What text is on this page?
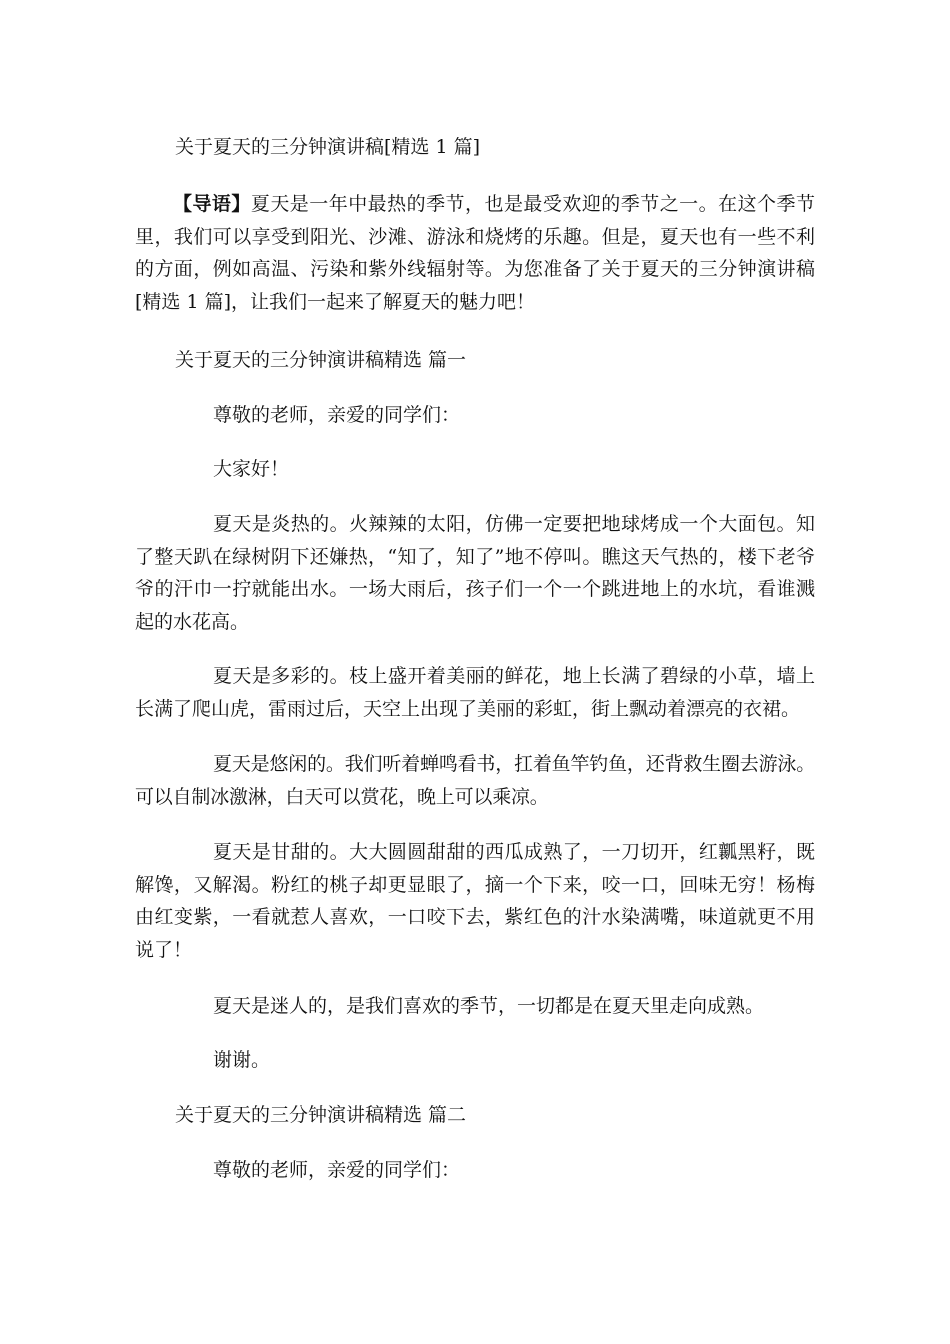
关于夏天的三分钟演讲稿[精选 1 篇]
【导语】夏天是一年中最热的季节，也是最受欢迎的季节之一。在这个季节里，我们可以享受到阳光、沙滩、游泳和烧烤的乐趣。但是，夏天也有一些不利的方面，例如高温、污染和紫外线辐射等。为您准备了关于夏天的三分钟演讲稿[精选 1 篇]，让我们一起来了解夏天的魅力吧！
关于夏天的三分钟演讲稿精选 篇一
尊敬的老师，亲爱的同学们：
大家好！
夏天是炎热的。火辣辣的太阳，仿佛一定要把地球烤成一个大面包。知了整天趴在绿树阴下还嫌热，“知了，知了”地不停叫。瞧这天气热的，楼下老爷爷的汗巾一拧就能出水。一场大雨后，孩子们一个一个跳进地上的水坑，看谁溅起的水花高。
夏天是多彩的。枝上盛开着美丽的鲜花，地上长满了碧绿的小草，墙上长满了爬山虎，雷雨过后，天空上出现了美丽的彩虹，街上飘动着漂亮的衣裙。
夏天是悠闲的。我们听着蝉鸣看书，扛着鱼竿钓鱼，还背救生圈去游泳。可以自制冰激淋，白天可以赏花，晚上可以乘凉。
夏天是甘甜的。大大圆圆甜甜的西瓜成熟了，一刀切开，红瓤黑籽，既解馋，又解渴。粉红的桃子却更显眼了，摘一个下来，咬一口，回味无穷！杨梅由红变紫，一看就惹人喜欢，一口咬下去，紫红色的汁水染满嘴，味道就更不用说了！
夏天是迷人的，是我们喜欢的季节，一切都是在夏天里走向成熟。
谢谢。
关于夏天的三分钟演讲稿精选 篇二
尊敬的老师，亲爱的同学们：
